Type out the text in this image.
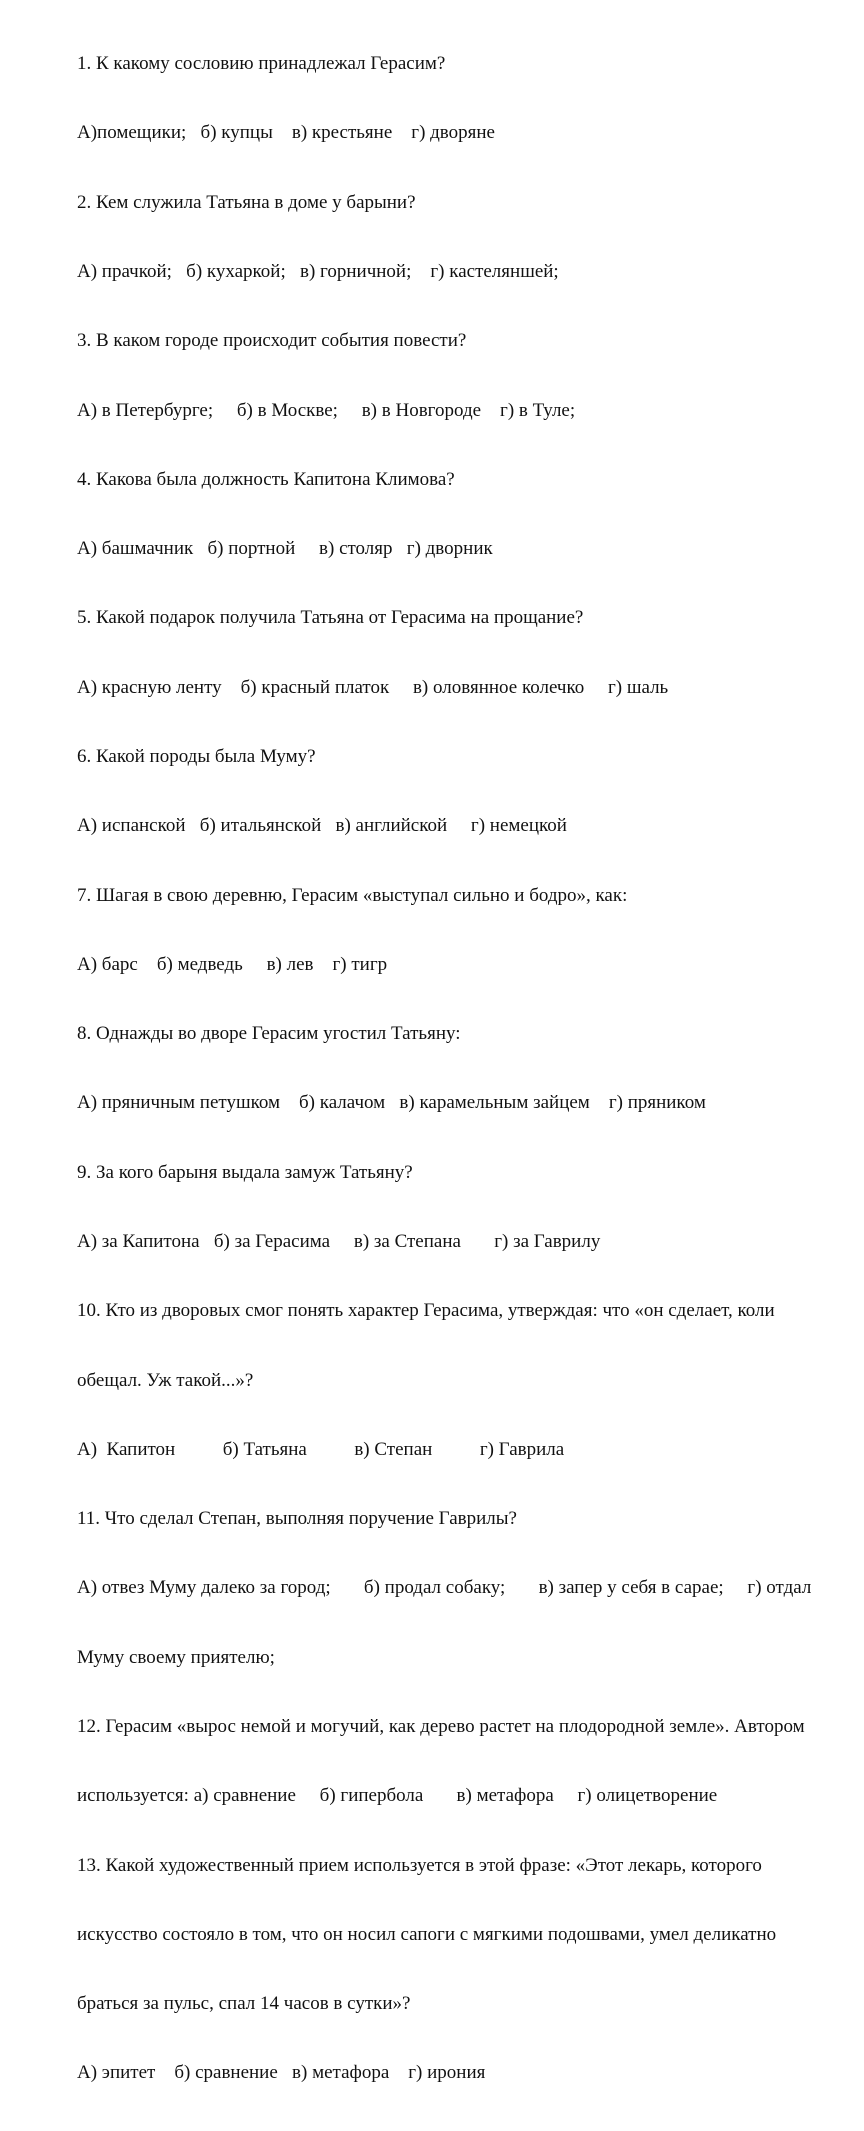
1. К какому сословию принадлежал Герасим?

А)помещики;   б) купцы    в) крестьяне    г) дворяне

2. Кем служила Татьяна в доме у барыни?

А) прачкой;   б) кухаркой;   в) горничной;    г) кастеляншей;

3. В каком городе происходит события повести?

А) в Петербурге;     б) в Москве;     в) в Новгороде    г) в Туле;

4. Какова была должность Капитона Климова?

А) башмачник   б) портной     в) столяр   г) дворник

5. Какой подарок получила Татьяна от Герасима на прощание?

А) красную ленту    б) красный платок     в) оловянное колечко     г) шаль

6. Какой породы была Муму?

А) испанской   б) итальянской   в) английской     г) немецкой

7. Шагая в свою деревню, Герасим «выступал сильно и бодро», как:

А) барс    б) медведь     в) лев    г) тигр

8. Однажды во дворе Герасим угостил Татьяну:

А) пряничным петушком    б) калачом   в) карамельным зайцем    г) пряником

9. За кого барыня выдала замуж Татьяну?

А) за Капитона   б) за Герасима     в) за Степана       г) за Гаврилу

10. Кто из дворовых смог понять характер Герасима, утверждая: что «он сделает, коли

обещал. Уж такой...»?

А)  Капитон          б) Татьяна          в) Степан          г) Гаврила

11. Что сделал Степан, выполняя поручение Гаврилы?

А) отвез Муму далеко за город;       б) продал собаку;       в) запер у себя в сарае;     г) отдал

Муму своему приятелю;

12. Герасим «вырос немой и могучий, как дерево растет на плодородной земле». Автором

используется: а) сравнение     б) гипербола       в) метафора     г) олицетворение

13. Какой художественный прием используется в этой фразе: «Этот лекарь, которого

искусство состояло в том, что он носил сапоги с мягкими подошвами, умел деликатно

браться за пульс, спал 14 часов в сутки»?

А) эпитет    б) сравнение   в) метафора    г) ирония
